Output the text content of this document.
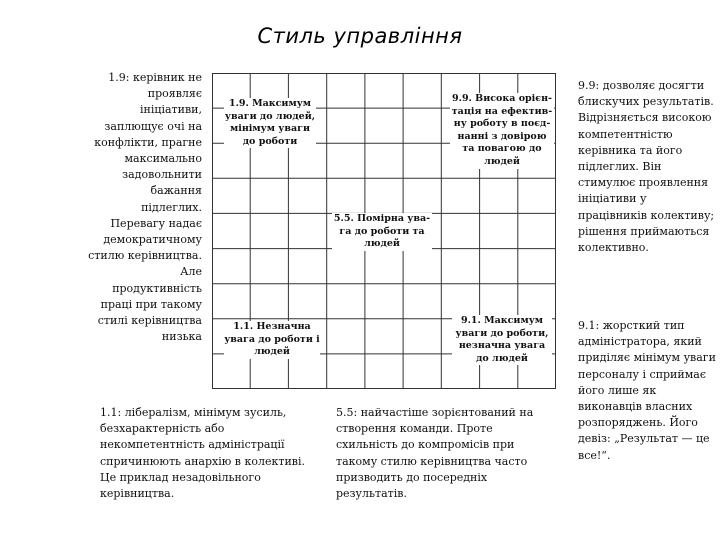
Стиль управління
1.9: керівник не проявляє ініціативи, заплющує очі на конфлікти, прагне максимально задовольнити бажання підлеглих. Перевагу надає демократичному стилю керівництва. Але продуктивність праці при такому стилі керівництва низька
1.9. Максимум уваги до людей, мінімум уваги до роботи
9.9. Висока орієн-тація на ефектив-ну роботу в поєд-нанні з довірою та повагою до людей
5.5. Помірна ува-га до роботи та людей
1.1. Незначна увага до роботи і людей
9.1. Максимум уваги до роботи, незначна увага до людей
9.9: дозволяє досягти блискучих результатів. Відрізняється високою компетентністю керівника та його підлеглих. Він стимулює проявлення ініціативи у працівників колективу; рішення приймаються колективно.
9.1: жорсткий тип адміністратора, який приділяє мінімум уваги персоналу і сприймає його лише як виконавців власних розпоряджень. Його девіз: „Результат — це все!“.
1.1: лібералізм, мінімум зусиль, безхарактерність або некомпетентність адміністрації спричинюють анархію в колективі. Це приклад незадовільного керівництва.
5.5: найчастіше зорієнтований на створення команди. Проте схильність до компромісів при такому стилю керівництва часто призводить до посередніх результатів.
